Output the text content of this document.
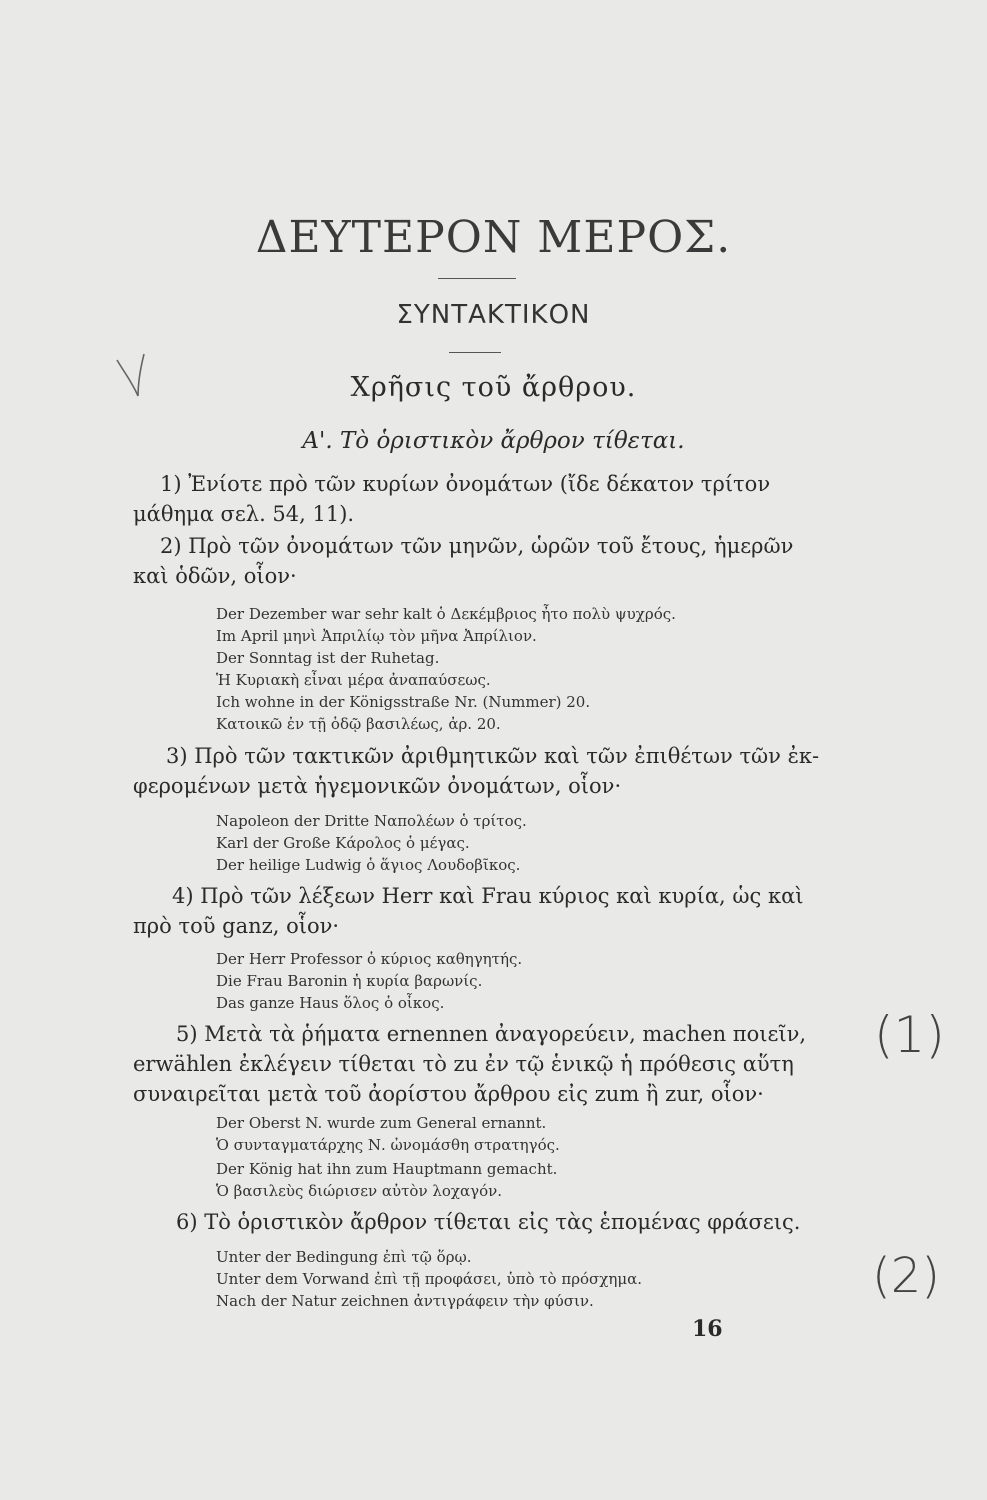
ΔΕΥΤΕΡΟΝ ΜΕΡΟΣ.
ΣΥΝΤΑΚΤΙΚΟΝ
Χρῆσις τοῦ ἄρθρου.
Α'. Τὸ ὁριστικὸν ἄρθρον τίθεται.
1) Ἐνίοτε πρὸ τῶν κυρίων ὀνομάτων (ἴδε δέκατον τρίτον
μάθημα σελ. 54, 11).
2) Πρὸ τῶν ὀνομάτων τῶν μηνῶν, ὡρῶν τοῦ ἔτους, ἡμερῶν
καὶ ὁδῶν, οἷον·
Der Dezember war sehr kalt ὁ Δεκέμβριος ἦτο πολὺ ψυχρός.
Im April μηνὶ Ἀπριλίῳ τὸν μῆνα Ἀπρίλιον.
Der Sonntag ist der Ruhetag.
Ἡ Κυριακὴ εἶναι μέρα ἀναπαύσεως.
Ich wohne in der Königsstraße Nr. (Nummer) 20.
Κατοικῶ ἐν τῇ ὁδῷ βασιλέως, ἀρ. 20.
3) Πρὸ τῶν τακτικῶν ἀριθμητικῶν καὶ τῶν ἐπιθέτων τῶν ἐκ-
φερομένων μετὰ ἡγεμονικῶν ὀνομάτων, οἷον·
Napoleon der Dritte Ναπολέων ὁ τρίτος.
Karl der Große Κάρολος ὁ μέγας.
Der heilige Ludwig ὁ ἅγιος Λουδοβῖκος.
4) Πρὸ τῶν λέξεων Herr καὶ Frau κύριος καὶ κυρία, ὡς καὶ
πρὸ τοῦ ganz, οἷον·
Der Herr Professor ὁ κύριος καθηγητής.
Die Frau Baronin ἡ κυρία βαρωνίς.
Das ganze Haus ὅλος ὁ οἶκος.
5) Μετὰ τὰ ῥήματα ernennen ἀναγορεύειν, machen ποιεῖν,
erwählen ἐκλέγειν τίθεται τὸ zu ἐν τῷ ἑνικῷ ἡ πρόθεσις αὕτη
συναιρεῖται μετὰ τοῦ ἀορίστου ἄρθρου εἰς zum ἢ zur, οἷον·
Der Oberst N. wurde zum General ernannt.
Ὁ συνταγματάρχης Ν. ὠνομάσθη στρατηγός.
Der König hat ihn zum Hauptmann gemacht.
Ὁ βασιλεὺς διώρισεν αὐτὸν λοχαγόν.
6) Τὸ ὁριστικὸν ἄρθρον τίθεται εἰς τὰς ἑπομένας φράσεις.
Unter der Bedingung ἐπὶ τῷ ὅρῳ.
Unter dem Vorwand ἐπὶ τῇ προφάσει, ὑπὸ τὸ πρόσχημα.
Nach der Natur zeichnen ἀντιγράφειν τὴν φύσιν.
16
(1)
(2)
